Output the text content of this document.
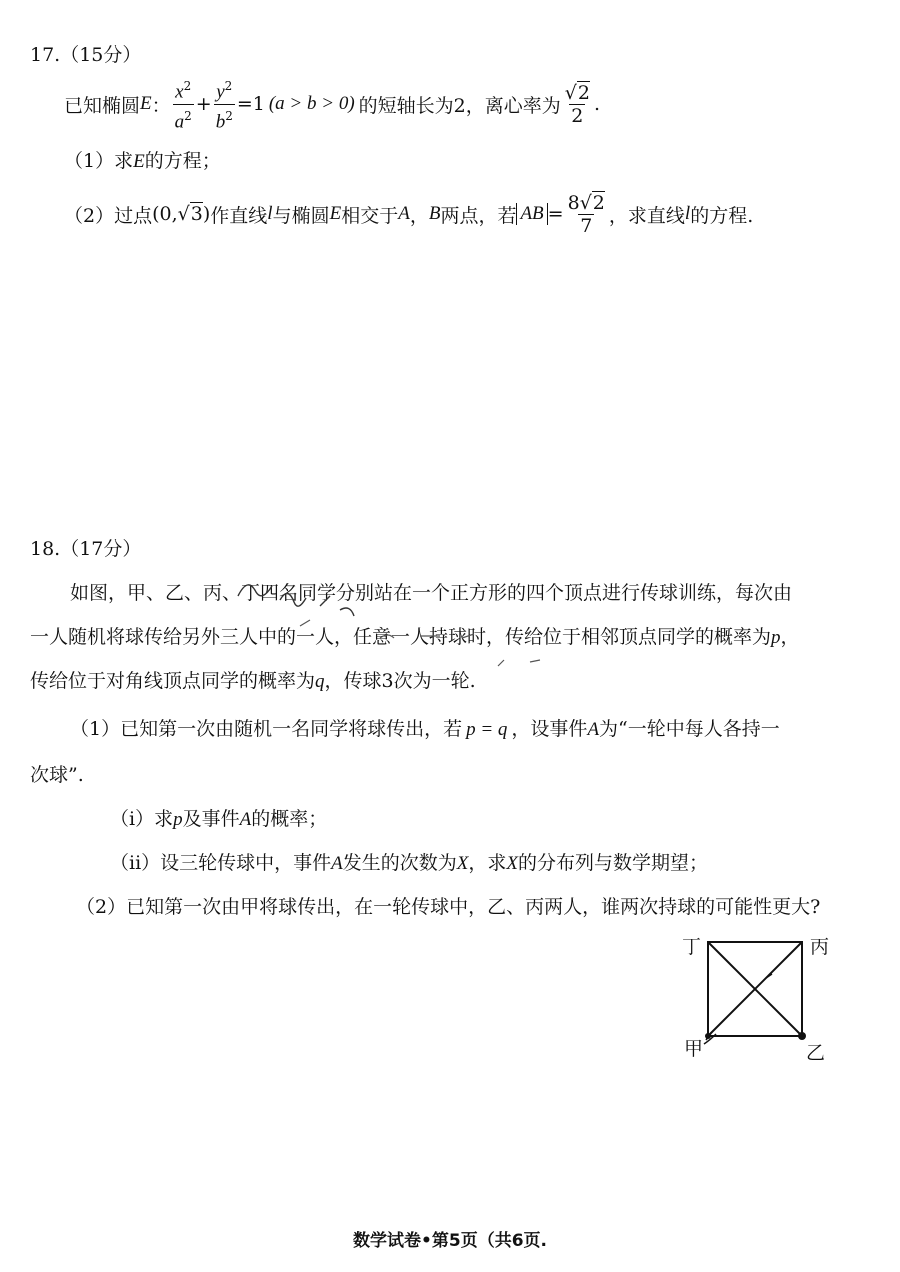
17.（15分）
已知椭圆 E ： $\frac{x^2}{a^2} + \frac{y^2}{b^2} =1$ (a > b > 0) 的短轴长为2，离心率为 $\frac{√2}{2}$ .
（1）求E的方程；
（2）过点 (0, √3 ) 作直线 l 与椭圆 E 相交于 A ， B 两点，若 AB = $\frac{8√2}{7}$ ，求直线 l 的方程.
18.（17分）
如图，甲、乙、丙、丁四名同学分别站在一个正方形的四个顶点进行传球训练，每次由
一人随机将球传给另外三人中的一人，任意一人持球时，传给位于相邻顶点同学的概率为p，
传给位于对角线顶点同学的概率为q，传球3次为一轮.
（1）已知第一次由随机一名同学将球传出，若 p = q ，设事件A为“一轮中每人各持一
次球”.
（i）求p及事件A的概率；
（ii）设三轮传球中，事件A发生的次数为X，求X的分布列与数学期望；
（2）已知第一次由甲将球传出，在一轮传球中，乙、丙两人，谁两次持球的可能性更大?
丁	丙
甲	乙
数学试卷•第5页（共6页.
